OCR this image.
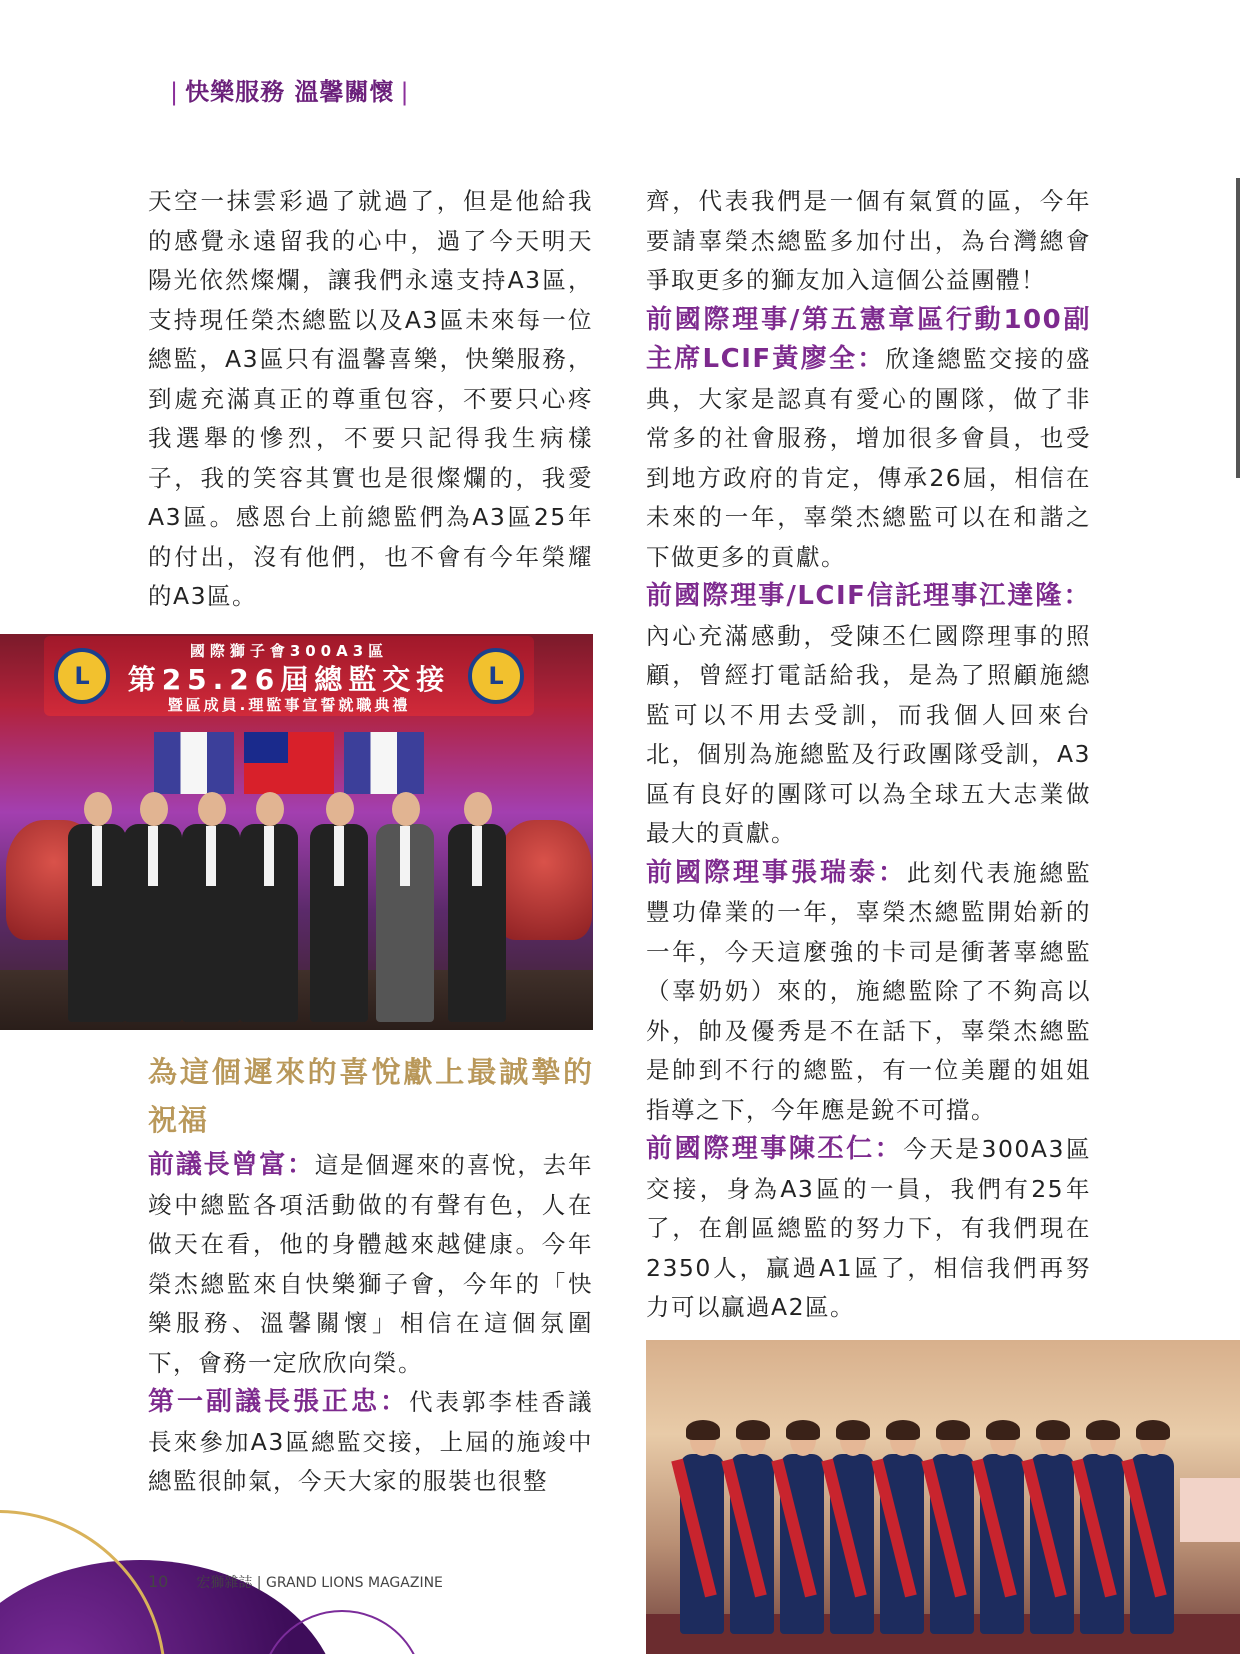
| 快樂服務 溫馨關懷 |

天空一抹雲彩過了就過了，但是他給我的感覺永遠留我的心中，過了今天明天陽光依然燦爛，讓我們永遠支持A3區，支持現任榮杰總監以及A3區未來每一位總監，A3區只有溫馨喜樂，快樂服務，到處充滿真正的尊重包容，不要只心疼我選舉的慘烈，不要只記得我生病樣子，我的笑容其實也是很燦爛的，我愛A3區。感恩台上前總監們為A3區25年的付出，沒有他們，也不會有今年榮耀的A3區。

L
L
國際獅子會300A3區
第25.26屆總監交接
暨區成員.理監事宣誓就職典禮
為這個遲來的喜悅獻上最誠摯的祝福

前議長曾富：這是個遲來的喜悅，去年竣中總監各項活動做的有聲有色，人在做天在看，他的身體越來越健康。今年榮杰總監來自快樂獅子會，今年的「快樂服務、溫馨關懷」相信在這個氛圍下，會務一定欣欣向榮。

第一副議長張正忠：代表郭李桂香議長來參加A3區總監交接，上屆的施竣中總監很帥氣，今天大家的服裝也很整

齊，代表我們是一個有氣質的區，今年要請辜榮杰總監多加付出，為台灣總會爭取更多的獅友加入這個公益團體！

前國際理事/第五憲章區行動100副主席LCIF黃廖全：欣逢總監交接的盛典，大家是認真有愛心的團隊，做了非常多的社會服務，增加很多會員，也受到地方政府的肯定，傳承26屆，相信在未來的一年，辜榮杰總監可以在和諧之下做更多的貢獻。

前國際理事/LCIF信託理事江達隆：內心充滿感動，受陳丕仁國際理事的照顧，曾經打電話給我，是為了照顧施總監可以不用去受訓，而我個人回來台北，個別為施總監及行政團隊受訓，A3區有良好的團隊可以為全球五大志業做最大的貢獻。

前國際理事張瑞泰：此刻代表施總監豐功偉業的一年，辜榮杰總監開始新的一年，今天這麼強的卡司是衝著辜總監（辜奶奶）來的，施總監除了不夠高以外，帥及優秀是不在話下，辜榮杰總監是帥到不行的總監，有一位美麗的姐姐指導之下，今年應是銳不可擋。

前國際理事陳丕仁：今天是300A3區交接，身為A3區的一員，我們有25年了，在創區總監的努力下，有我們現在2350人，贏過A1區了，相信我們再努力可以贏過A2區。

10 宏獅雜誌 | GRAND LIONS MAGAZINE
